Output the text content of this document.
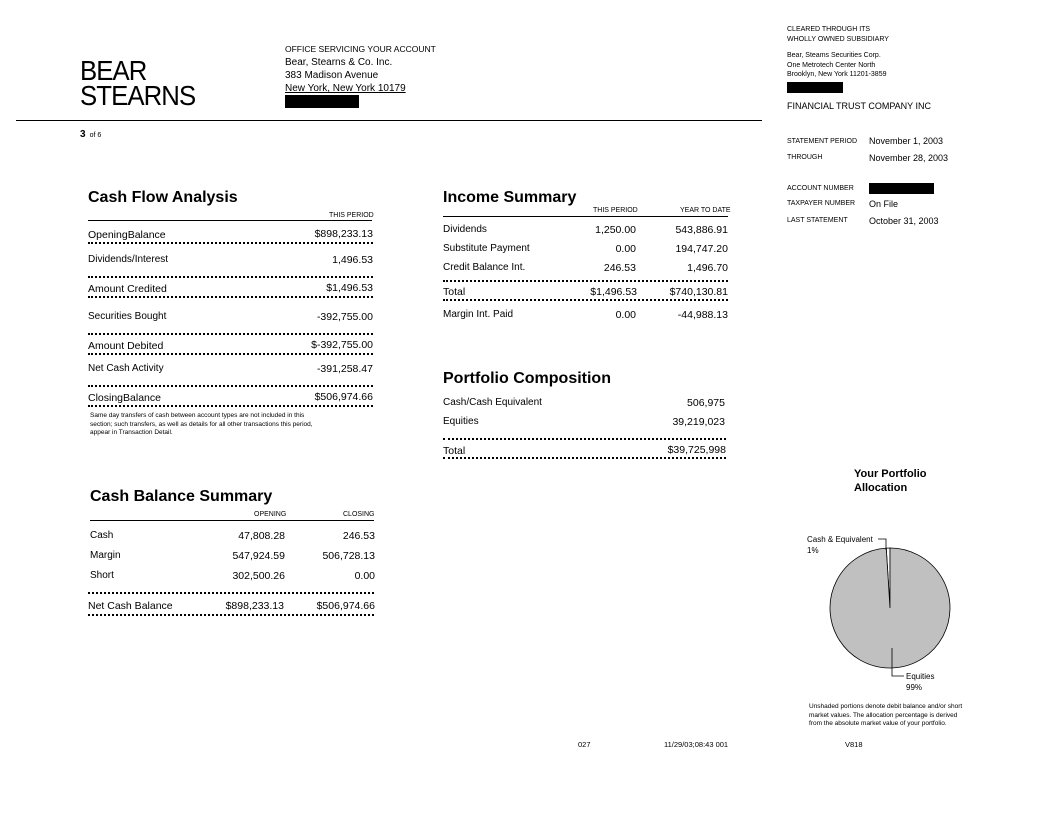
BEAR
STEARNS
OFFICE SERVICING YOUR ACCOUNT
Bear, Stearns & Co. Inc.
383 Madison Avenue
New York, New York 10179
CLEARED THROUGH ITS
WHOLLY OWNED SUBSIDIARY
Bear, Steams Securities Corp.
One Metrotech Center North
Brooklyn, New York 11201-3859
FINANCIAL TRUST COMPANY INC
3 of 6
STATEMENT PERIOD November 1, 2003
THROUGH	November 28, 2003
ACCOUNT NUMBER
TAXPAYER NUMBER On File
LAST STATEMENT October 31, 2003
Cash Flow Analysis
THIS PERIOD
OpeningBalance	$898,233.13
Dividends/Interest	1,496.53
Amount Credited	$1,496.53
Securities Bought	-392,755.00
Amount Debited	$-392,755.00
Net Cash Activity	-391,258.47
ClosingBalance	$506,974.66
Same day transfers of cash between account types are not included in this
section; such transfers, as well as details for all other transactions this period,
appear in Transaction Detail.
Income Summary
THIS PERIOD	YEAR TO DATE
Dividends	1,250.00	543,886.91
Substitute Payment	0.00	194,747.20
Credit Balance Int.	246.53	1,496.70
Total	$1,496.53	$740,130.81
Margin Int. Paid	0.00	-44,988.13
Portfolio Composition
Cash/Cash Equivalent	506,975
Equities	39,219,023
Total	$39,725,998
Cash Balance Summary
OPENING	CLOSING
Cash	47,808.28	246.53
Margin	547,924.59	506,728.13
Short	302,500.26	0.00
Net Cash Balance	$898,233.13	$506,974.66
Your Portfolio
Allocation
Cash & Equivalent
1%
Equities
99%
Unshaded portions denote debit balance and/or short
market values. The allocation percentage is derived
from the absolute market value of your portfolio.
027	11/29/03;08:43 001	V818
